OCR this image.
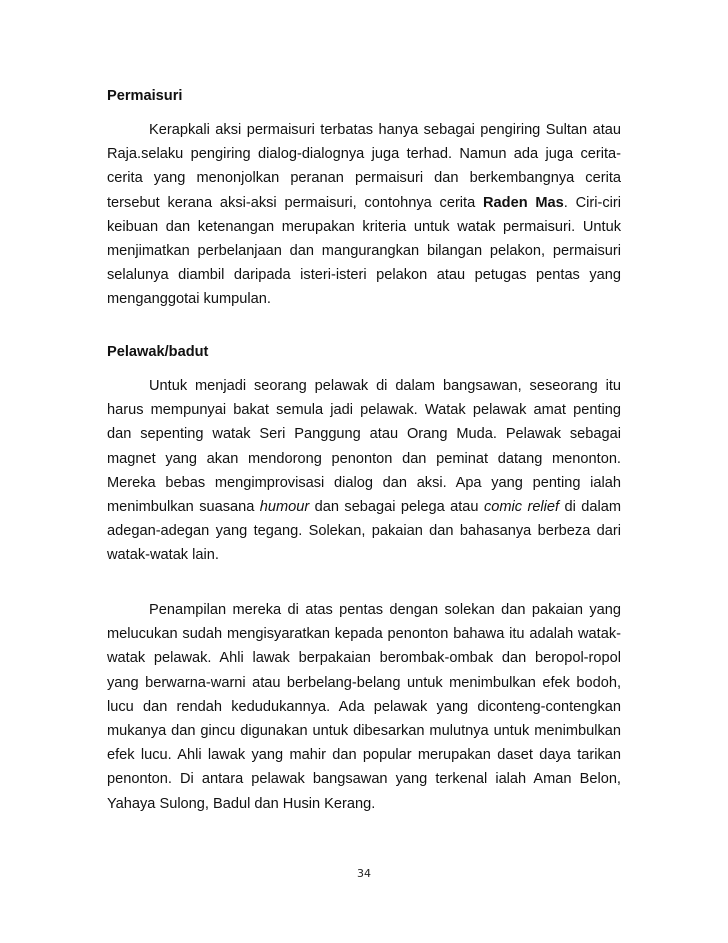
Permaisuri

Kerapkali aksi permaisuri terbatas hanya sebagai pengiring Sultan atau Raja.selaku pengiring dialog-dialognya juga terhad. Namun ada juga cerita-cerita yang menonjolkan peranan permaisuri dan berkembangnya cerita tersebut kerana aksi-aksi permaisuri, contohnya cerita Raden Mas. Ciri-ciri keibuan dan ketenangan merupakan kriteria untuk watak permaisuri. Untuk menjimatkan perbelanjaan dan mangurangkan bilangan pelakon, permaisuri selalunya diambil daripada isteri-isteri pelakon atau petugas pentas yang menganggotai kumpulan.

Pelawak/badut

Untuk menjadi seorang pelawak di dalam bangsawan, seseorang itu harus mempunyai bakat semula jadi pelawak. Watak pelawak amat penting dan sepenting watak Seri Panggung atau Orang Muda. Pelawak sebagai magnet yang akan mendorong penonton dan peminat datang menonton. Mereka bebas mengimprovisasi dialog dan aksi. Apa yang penting ialah menimbulkan suasana humour dan sebagai pelega atau comic relief di dalam adegan-adegan yang tegang. Solekan, pakaian dan bahasanya berbeza dari watak-watak lain.

Penampilan mereka di atas pentas dengan solekan dan pakaian yang melucukan sudah mengisyaratkan kepada penonton bahawa itu adalah watak-watak pelawak. Ahli lawak berpakaian berombak-ombak dan beropol-ropol yang berwarna-warni atau berbelang-belang untuk menimbulkan efek bodoh, lucu dan rendah kedudukannya. Ada pelawak yang diconteng-contengkan mukanya dan gincu digunakan untuk dibesarkan mulutnya untuk menimbulkan efek lucu. Ahli lawak yang mahir dan popular merupakan daset daya tarikan penonton. Di antara pelawak bangsawan yang terkenal ialah Aman Belon, Yahaya Sulong, Badul dan Husin Kerang.

34
